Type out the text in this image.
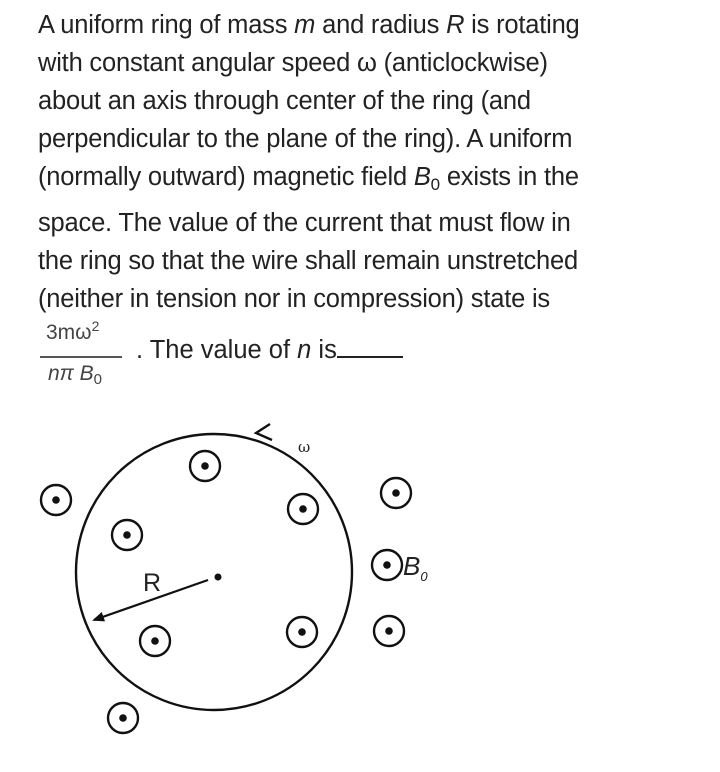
A uniform ring of mass m and radius R is rotating

with constant angular speed ω (anticlockwise)

about an axis through center of the ring (and

perpendicular to the plane of the ring). A uniform

(normally outward) magnetic field $B_0$ exists in the

space. The value of the current that must flow in

the ring so that the wire shall remain unstretched

(neither in tension nor in compression) state is

$3m\omega^2$
nπ $B_0$
. The value of n is
ω
R
$B_0$
